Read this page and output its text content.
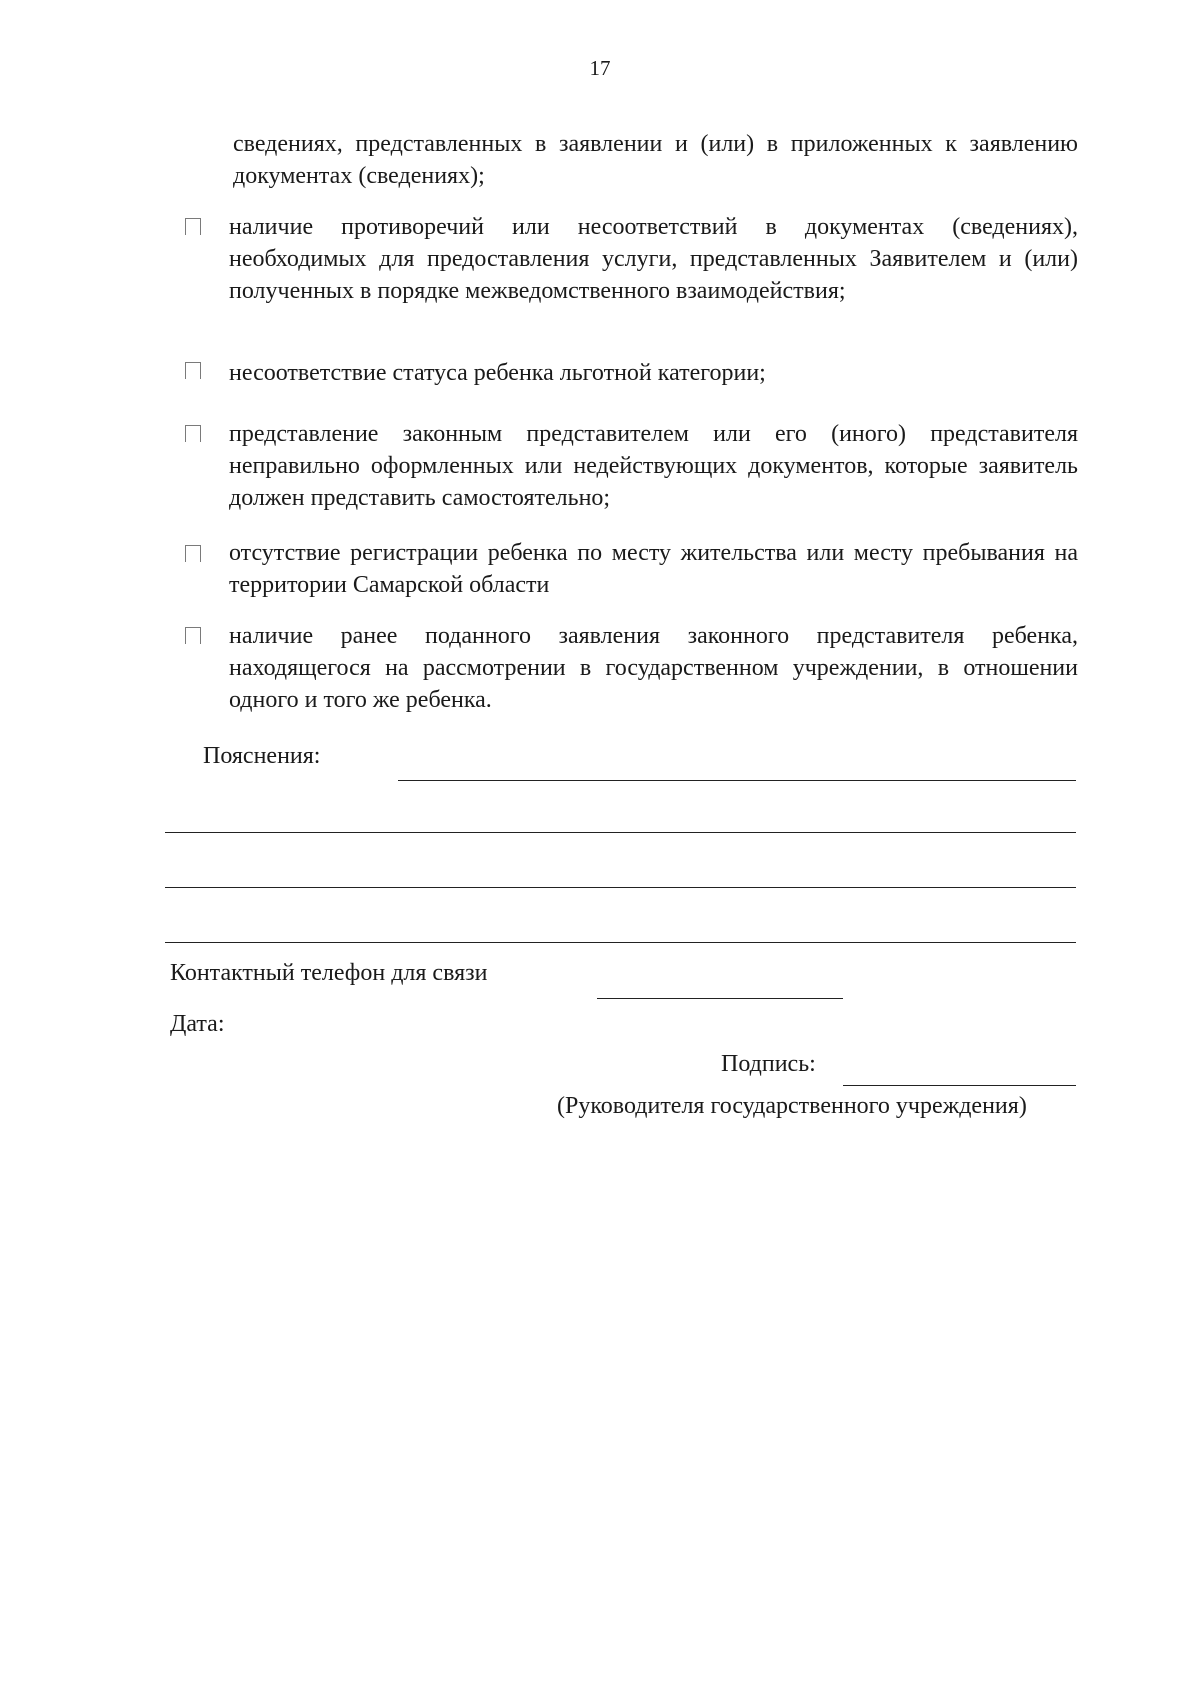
17
сведениях, представленных в заявлении и (или) в приложенных к заявлению документах (сведениях);
наличие противоречий или несоответствий в документах (сведениях), необходимых для предоставления услуги, представленных Заявителем и (или) полученных в порядке межведомственного взаимодействия;
несоответствие статуса ребенка льготной категории;
представление законным представителем или его (иного) представителя неправильно оформленных или недействующих документов, которые заявитель должен представить самостоятельно;
отсутствие регистрации ребенка по месту жительства или месту пребывания на территории Самарской области
наличие ранее поданного заявления законного представителя ребенка, находящегося на рассмотрении в государственном учреждении, в отношении одного и того же ребенка.
Пояснения:
Контактный телефон для связи
Дата:
Подпись:
(Руководителя государственного учреждения)
